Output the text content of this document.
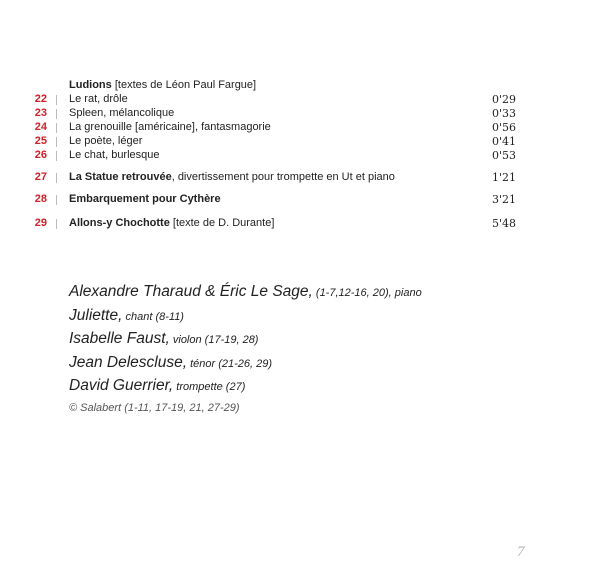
Ludions [textes de Léon Paul Fargue]
22 Le rat, drôle	0'29
23 Spleen, mélancolique	0'33
24 La grenouille [américaine], fantasmagorie	0'56
25 Le poète, léger	0'41
26 Le chat, burlesque	0'53
27 La Statue retrouvée, divertissement pour trompette en Ut et piano	1'21
28 Embarquement pour Cythère	3'21
29 Allons-y Chochotte [texte de D. Durante]	5'48
Alexandre Tharaud & Éric Le Sage, (1-7,12-16, 20), piano
Juliette, chant (8-11)
Isabelle Faust, violon (17-19, 28)
Jean Delescluse, ténor (21-26, 29)
David Guerrier, trompette (27)
© Salabert (1-11, 17-19, 21, 27-29)
7
